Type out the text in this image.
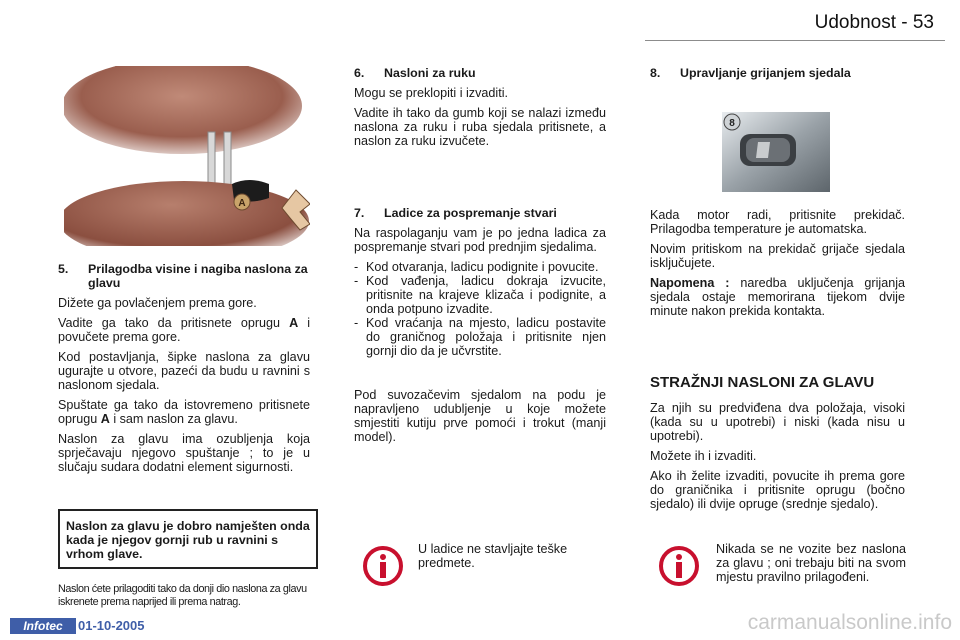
Udobnost - 53
A
5.	Prilagodba visine i nagiba naslona za glavu

Dižete ga povlačenjem prema gore.

Vadite ga tako da pritisnete oprugu A i povučete prema gore.

Kod postavljanja, šipke naslona za glavu ugurajte u otvore, pazeći da budu u ravnini s naslonom sjedala.

Spuštate ga tako da istovremeno pritisnete oprugu A i sam naslon za glavu.

Naslon za glavu ima ozubljenja koja sprječavaju njegovo spuštanje ; to je u slučaju sudara dodatni element sigurnosti.

Naslon za glavu je dobro namješten onda kada je njegov gornji rub u ravnini s vrhom glave.
Naslon ćete prilagoditi tako da donji dio naslona za glavu iskrenete prema naprijed ili prema natrag.
6.	Nasloni za ruku

Mogu se preklopiti i izvaditi.

Vadite ih tako da gumb koji se nalazi između naslona za ruku i ruba sjedala pritisnete, a naslon za ruku izvučete.

7.	Ladice za pospremanje stvari

Na raspolaganju vam je po jedna ladica za pospremanje stvari pod prednjim sjedalima.

- Kod otvaranja, ladicu podignite i povucite.
- Kod vađenja, ladicu dokraja izvucite, pritisnite na krajeve klizača i podignite, a onda potpuno izvadite.
- Kod vraćanja na mjesto, ladicu postavite do graničnog položaja i pritisnite njen gornji dio da je učvrstite.

Pod suvozačevim sjedalom na podu je napravljeno udubljenje u koje možete smjestiti kutiju prve pomoći i trokut (manji model).

U ladice ne stavljajte teške predmete.
8.	Upravljanje grijanjem sjedala
8

Kada motor radi, pritisnite prekidač. Prilagodba temperature je automatska.

Novim pritiskom na prekidač grijače sjedala isključujete.

Napomena : naredba uključenja grijanja sjedala ostaje memorirana tijekom dvije minute nakon prekida kontakta.

STRAŽNJI NASLONI ZA GLAVU

Za njih su predviđena dva položaja, visoki (kada su u upotrebi) i niski (kada nisu u upotrebi).

Možete ih i izvaditi.

Ako ih želite izvaditi, povucite ih prema gore do graničnika i pritisnite oprugu (bočno sjedalo) ili dvije opruge (srednje sjedalo).

Nikada se ne vozite bez naslona za glavu ; oni trebaju biti na svom mjestu pravilno prilagođeni.
Infotec	01-10-2005	carmanualsonline.info
